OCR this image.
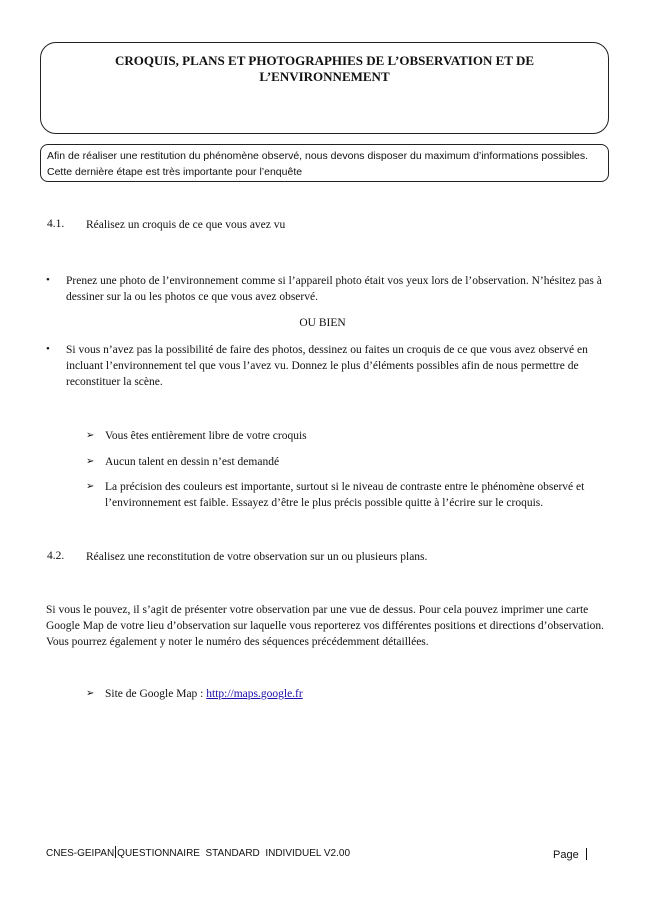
CROQUIS, PLANS ET PHOTOGRAPHIES DE L’OBSERVATION ET DE
L’ENVIRONNEMENT
Afin de réaliser une restitution du phénomène observé, nous devons disposer du maximum d’informations possibles. Cette dernière étape est très importante pour l’enquête
4.1. Réalisez un croquis de ce que vous avez vu
• Prenez une photo de l’environnement comme si l’appareil photo était vos yeux lors de l’observation. N’hésitez pas à dessiner sur la ou les photos ce que vous avez observé.
OU BIEN
• Si vous n’avez pas la possibilité de faire des photos, dessinez ou faites un croquis de ce que vous avez observé en incluant l’environnement tel que vous l’avez vu. Donnez le plus d’éléments possibles afin de nous permettre de reconstituer la scène.
➢ Vous êtes entièrement libre de votre croquis
➢ Aucun talent en dessin n’est demandé
➢ La précision des couleurs est importante, surtout si le niveau de contraste entre le phénomène observé et l’environnement est faible. Essayez d’être le plus précis possible quitte à l’écrire sur le croquis.
4.2. Réalisez une reconstitution de votre observation sur un ou plusieurs plans.
Si vous le pouvez, il s’agit de présenter votre observation par une vue de dessus. Pour cela pouvez imprimer une carte Google Map de votre lieu d’observation sur laquelle vous reporterez vos différentes positions et directions d’observation. Vous pourrez également y noter le numéro des séquences précédemment détaillées.
➢ Site de Google Map : http://maps.google.fr
CNES-GEIPAN QUESTIONNAIRE  STANDARD  INDIVIDUEL V2.00	Page
